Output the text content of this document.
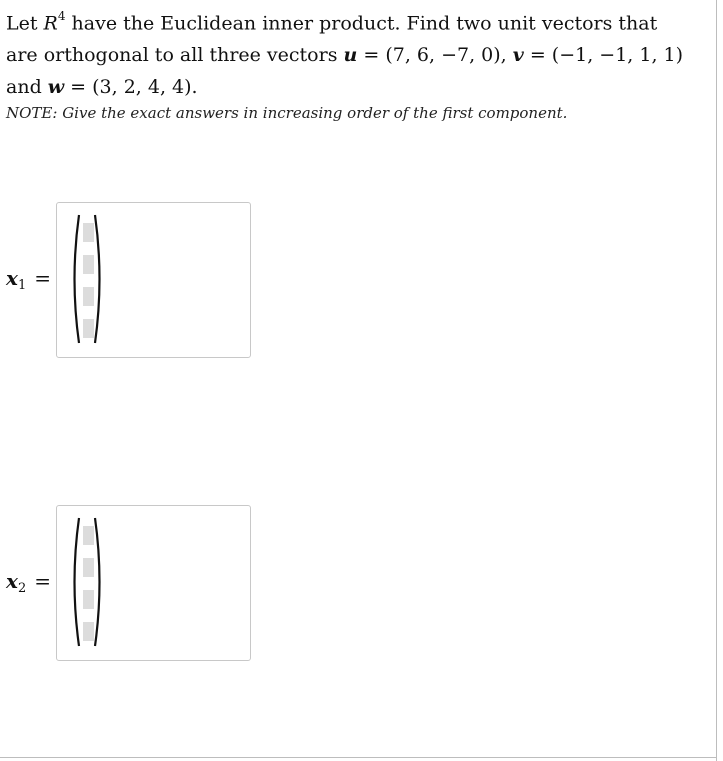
Let $R^4$ have the Euclidean inner product. Find two unit vectors that
are orthogonal to all three vectors u = (7, 6, −7, 0), v = (−1, −1, 1, 1)
and w = (3, 2, 4, 4).
NOTE: Give the exact answers in increasing order of the first component.
$x_1$ =
$x_2$ =
